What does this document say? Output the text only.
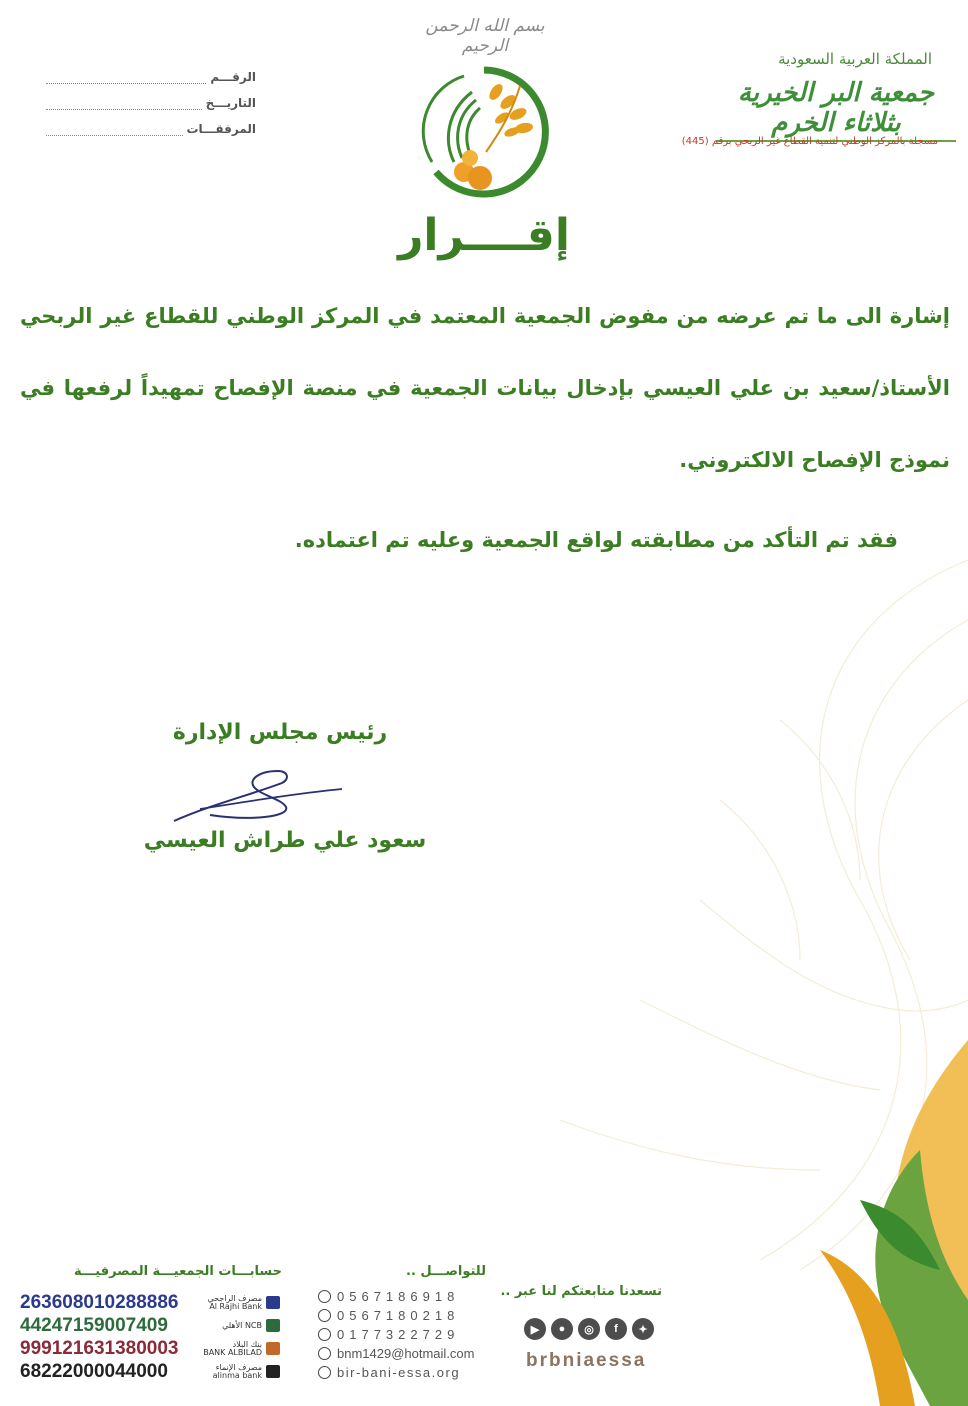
الرقـــم
التاريـــخ
المرفقـــات
بسم الله الرحمن الرحيم
المملكة العربية السعودية
جمعية البر الخيرية بثلاثاء الخرم
مسجلة بالمركز الوطني لتنمية القطاع غير الربحي برقم (445)
إقــــرار
إشارة الى ما تم عرضه من مفوض الجمعية المعتمد في المركز الوطني للقطاع غير الربحي الأستاذ/سعيد بن علي العيسي بإدخال بيانات الجمعية في منصة الإفصاح تمهيداً لرفعها في نموذج الإفصاح الالكتروني.
فقد تم التأكد من مطابقته لواقع الجمعية وعليه تم اعتماده.
رئيس مجلس الإدارة
سعود علي طراش العيسي
حسابـــات الجمعيـــة المصرفيـــة
263608010288886	مصرف الراجحي
Al Rajhi Bank
44247159007409	NCB الأهلي
999121631380003	بنك البلاد
BANK ALBILAD
68222000044000	مصرف الإنماء
alinma bank
للتواصـــل ..
0567186918
0567180218
0177322729
bnm1429@hotmail.com
bir-bani-essa.org
تسعدنا متابعتكم لنا عبر ..
▶	●	◎	f	✦
brbniaessa
